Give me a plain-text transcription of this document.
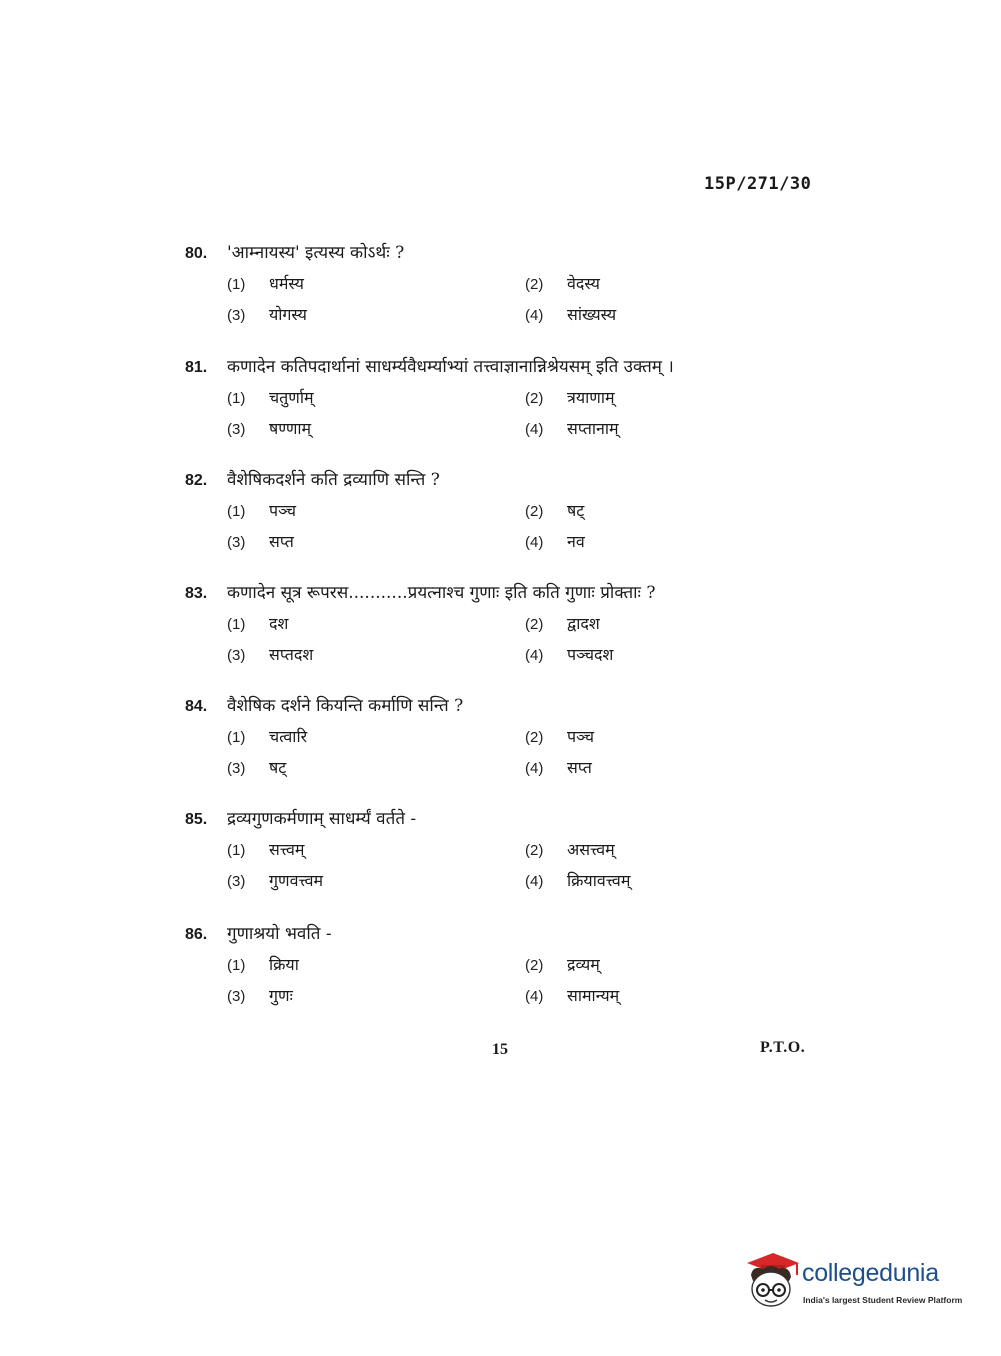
15P/271/30
80.	'आम्नायस्य' इत्यस्य कोऽर्थः ?
(1)	धर्मस्य	(2)	वेदस्य
(3)	योगस्य	(4)	सांख्यस्य
81.	कणादेन कतिपदार्थानां साधर्म्यवैधर्म्याभ्यां तत्त्वाज्ञानान्निश्रेयसम् इति उक्तम् ।
(1)	चतुर्णाम्	(2)	त्रयाणाम्
(3)	षण्णाम्	(4)	सप्तानाम्
82.	वैशेषिकदर्शने कति द्रव्याणि सन्ति ?
(1)	पञ्च	(2)	षट्
(3)	सप्त	(4)	नव
83.	कणादेन सूत्र रूपरस...........प्रयत्नाश्च गुणाः इति कति गुणाः प्रोक्ताः ?
(1)	दश	(2)	द्वादश
(3)	सप्तदश	(4)	पञ्चदश
84.	वैशेषिक दर्शने कियन्ति कर्माणि सन्ति ?
(1)	चत्वारि	(2)	पञ्च
(3)	षट्	(4)	सप्त
85.	द्रव्यगुणकर्मणाम् साधर्म्यं वर्तते -
(1)	सत्त्वम्	(2)	असत्त्वम्
(3)	गुणवत्त्वम	(4)	क्रियावत्त्वम्
86.	गुणाश्रयो भवति -
(1)	क्रिया	(2)	द्रव्यम्
(3)	गुणः	(4)	सामान्यम्
15	P.T.O.
collegedunia
India's largest Student Review Platform
